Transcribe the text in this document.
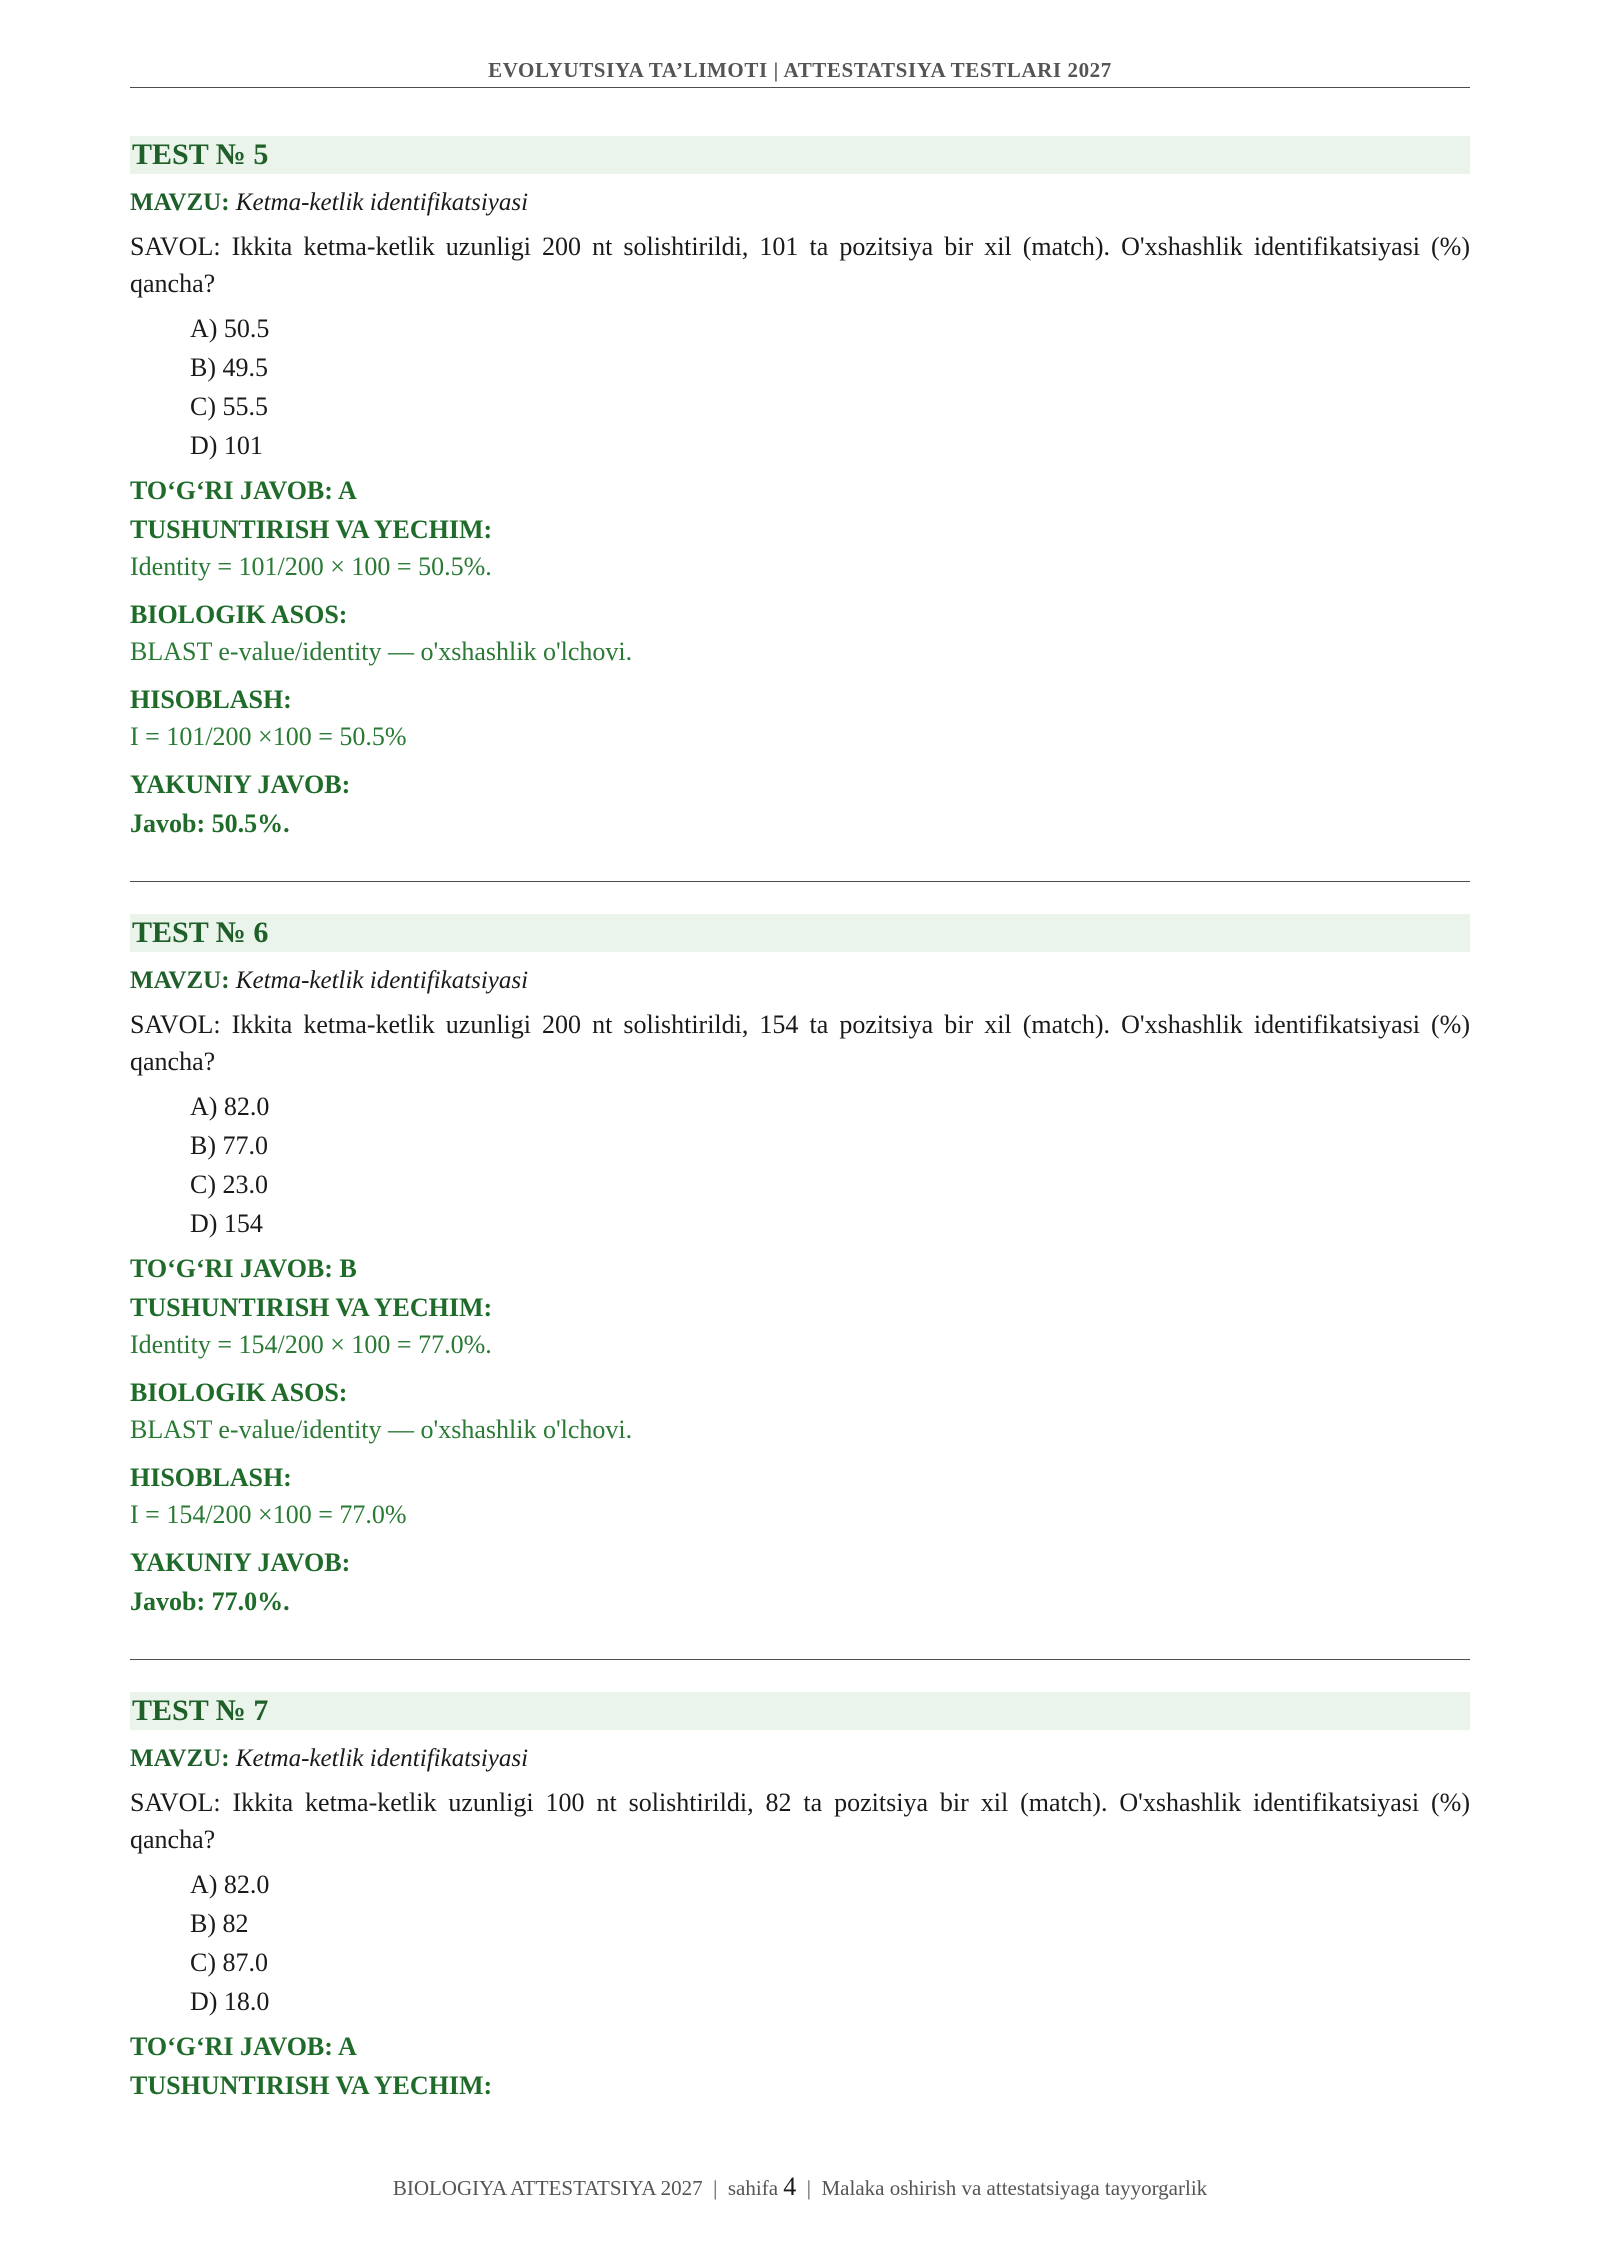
EVOLYUTSIYA TA’LIMOTI | ATTESTATSIYA TESTLARI 2027
TEST № 5
MAVZU: Ketma-ketlik identifikatsiyasi
SAVOL: Ikkita ketma-ketlik uzunligi 200 nt solishtirildi, 101 ta pozitsiya bir xil (match). O'xshashlik identifikatsiyasi (%) qancha?
A) 50.5
B) 49.5
C) 55.5
D) 101
TO‘G‘RI JAVOB: A
TUSHUNTIRISH VA YECHIM:
Identity = 101/200 × 100 = 50.5%.
BIOLOGIK ASOS:
BLAST e-value/identity — o'xshashlik o'lchovi.
HISOBLASH:
I = 101/200 ×100 = 50.5%
YAKUNIY JAVOB:
Javob: 50.5%.
TEST № 6
MAVZU: Ketma-ketlik identifikatsiyasi
SAVOL: Ikkita ketma-ketlik uzunligi 200 nt solishtirildi, 154 ta pozitsiya bir xil (match). O'xshashlik identifikatsiyasi (%) qancha?
A) 82.0
B) 77.0
C) 23.0
D) 154
TO‘G‘RI JAVOB: B
TUSHUNTIRISH VA YECHIM:
Identity = 154/200 × 100 = 77.0%.
BIOLOGIK ASOS:
BLAST e-value/identity — o'xshashlik o'lchovi.
HISOBLASH:
I = 154/200 ×100 = 77.0%
YAKUNIY JAVOB:
Javob: 77.0%.
TEST № 7
MAVZU: Ketma-ketlik identifikatsiyasi
SAVOL: Ikkita ketma-ketlik uzunligi 100 nt solishtirildi, 82 ta pozitsiya bir xil (match). O'xshashlik identifikatsiyasi (%) qancha?
A) 82.0
B) 82
C) 87.0
D) 18.0
TO‘G‘RI JAVOB: A
TUSHUNTIRISH VA YECHIM:
BIOLOGIYA ATTESTATSIYA 2027 | sahifa 4 | Malaka oshirish va attestatsiyaga tayyorgarlik
